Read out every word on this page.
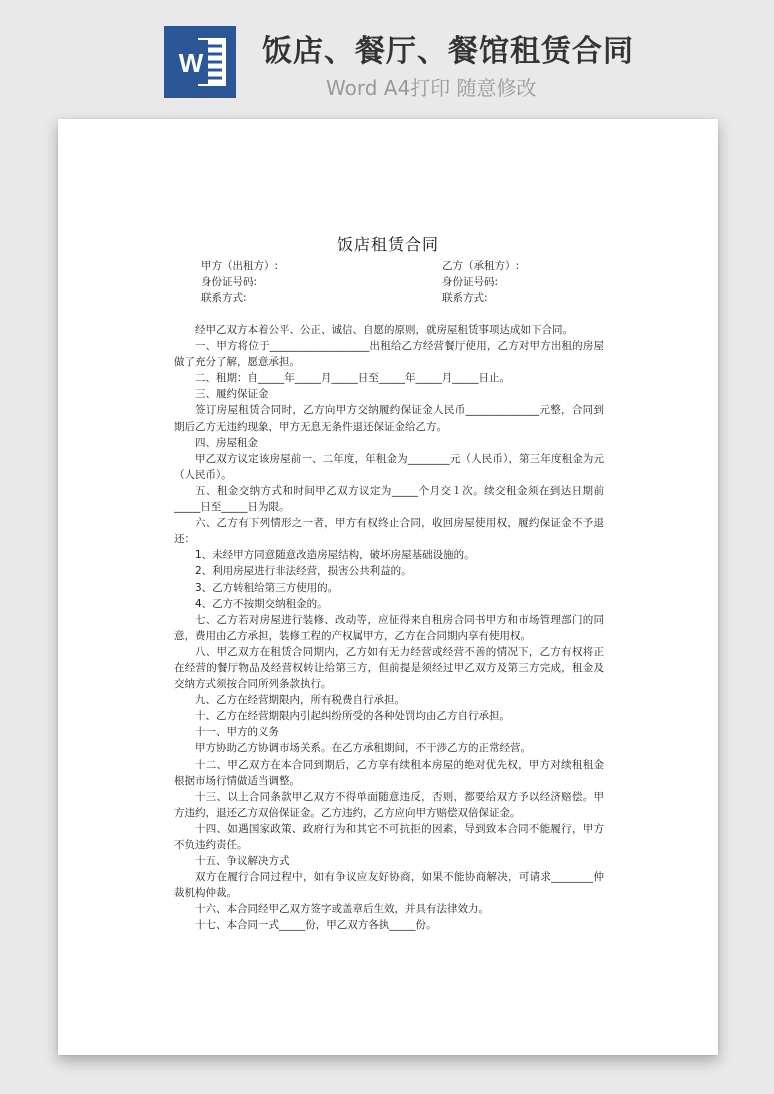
W 饭店、餐厅、餐馆租赁合同
Word A4打印 随意修改
饭店租赁合同
甲方（出租方）:
身份证号码:
联系方式:
乙方（承租方）:
身份证号码:
联系方式:

经甲乙双方本着公平、公正、诚信、自愿的原则，就房屋租赁事项达成如下合同。

一、甲方将位于___________________出租给乙方经营餐厅使用，乙方对甲方出租的房屋做了充分了解，愿意承担。

二、租期：自_____年_____月_____日至_____年_____月_____日止。

三、履约保证金

签订房屋租赁合同时，乙方向甲方交纳履约保证金人民币______________元整，合同到期后乙方无违约现象，甲方无息无条件退还保证金给乙方。

四、房屋租金

甲乙双方议定该房屋前一、二年度，年租金为________元（人民币），第三年度租金为元（人民币）。

五、租金交纳方式和时间甲乙双方议定为_____个月交１次。续交租金须在到达日期前_____日至_____日为限。

六、乙方有下列情形之一者，甲方有权终止合同，收回房屋使用权，履约保证金不予退还：

1、未经甲方同意随意改造房屋结构，破坏房屋基础设施的。

2、利用房屋进行非法经营，损害公共利益的。

3、乙方转租给第三方使用的。

4、乙方不按期交纳租金的。

七、乙方若对房屋进行装修、改动等，应征得来自租房合同书甲方和市场管理部门的同意，费用由乙方承担，装修工程的产权属甲方，乙方在合同期内享有使用权。

八、甲乙双方在租赁合同期内，乙方如有无力经营或经营不善的情况下，乙方有权将正在经营的餐厅物品及经营权转让给第三方，但前提是须经过甲乙双方及第三方完成，租金及交纳方式须按合同所列条款执行。

九、乙方在经营期限内，所有税费自行承担。

十、乙方在经营期限内引起纠纷所受的各种处罚均由乙方自行承担。

十一、甲方的义务

甲方协助乙方协调市场关系。在乙方承租期间，不干涉乙方的正常经营。

十二、甲乙双方在本合同到期后，乙方享有续租本房屋的绝对优先权，甲方对续租租金根据市场行情做适当调整。

十三、以上合同条款甲乙双方不得单面随意违反，否则，都要给双方予以经济赔偿。甲方违约，退还乙方双倍保证金。乙方违约，乙方应向甲方赔偿双倍保证金。

十四、如遇国家政策、政府行为和其它不可抗拒的因素，导到致本合同不能履行，甲方不负违约责任。

十五、争议解决方式

双方在履行合同过程中，如有争议应友好协商，如果不能协商解决，可请求________仲裁机构仲裁。

十六、本合同经甲乙双方签字或盖章后生效，并具有法律效力。

十七、本合同一式_____份，甲乙双方各执_____份。
